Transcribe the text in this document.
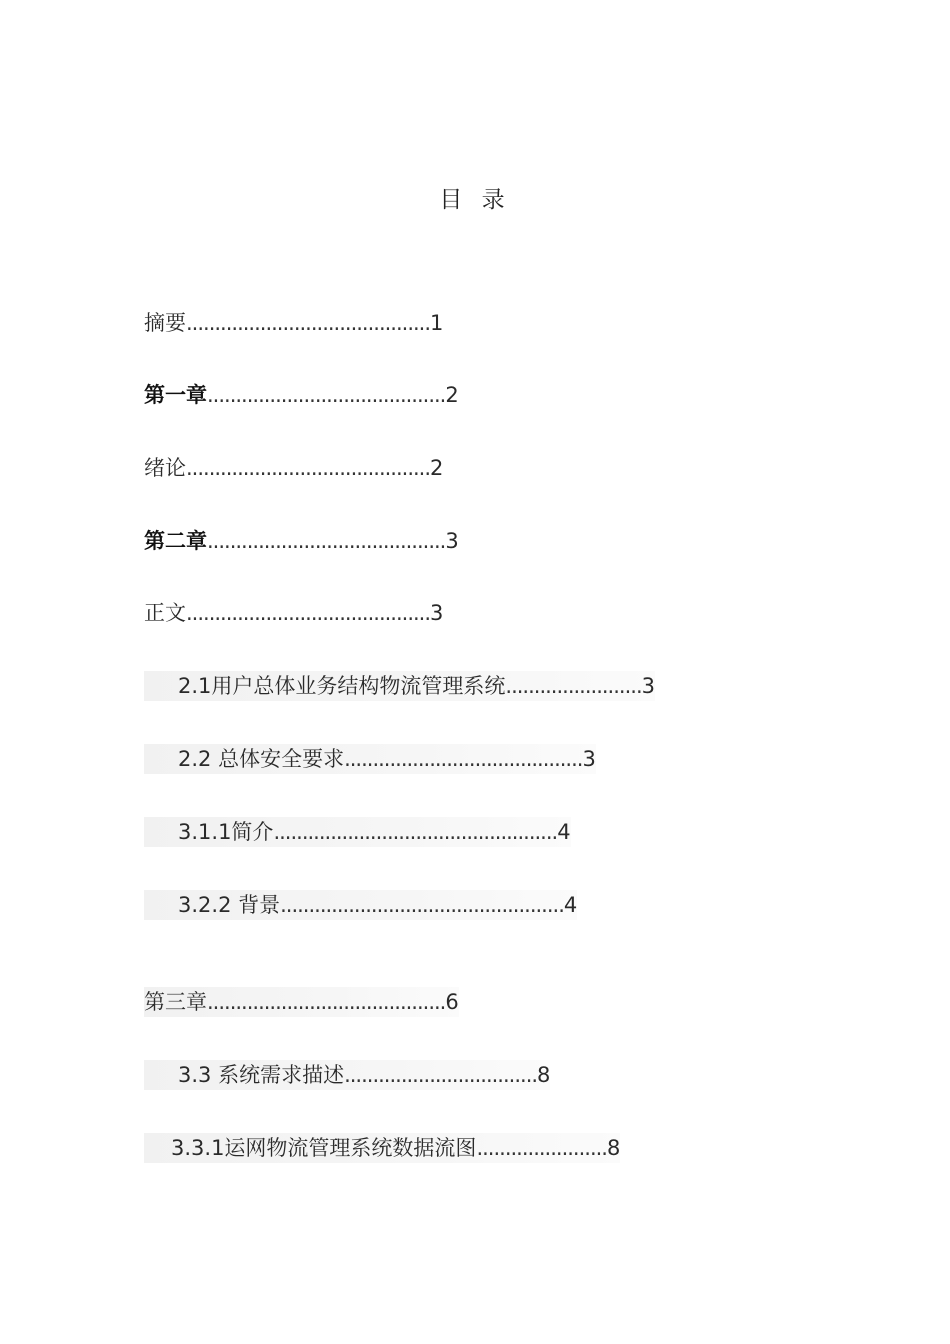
目 录
摘要...........................................1
第一章..........................................2
绪论...........................................2
第二章..........................................3
正文...........................................3
2.1用户总体业务结构物流管理系统........................3
2.2 总体安全要求..........................................3
3.1.1简介..................................................4
3.2.2 背景..................................................4
第三章..........................................6
3.3 系统需求描述..................................8
3.3.1运网物流管理系统数据流图.......................8
